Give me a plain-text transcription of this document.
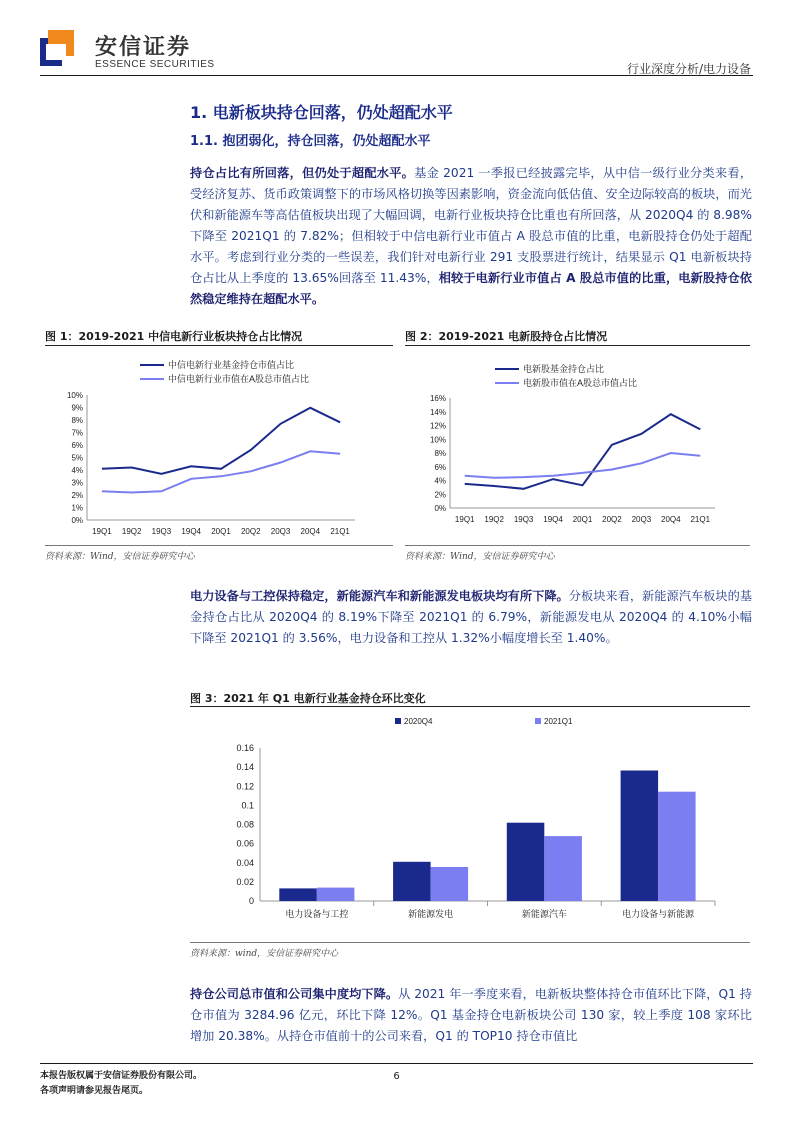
安信证券
ESSENCE SECURITIES	行业深度分析/电力设备
1. 电新板块持仓回落，仍处超配水平
1.1. 抱团弱化，持仓回落，仍处超配水平
持仓占比有所回落，但仍处于超配水平。基金 2021 一季报已经披露完毕，从中信一级行业分类来看，受经济复苏、货币政策调整下的市场风格切换等因素影响，资金流向低估值、安全边际较高的板块，而光伏和新能源车等高估值板块出现了大幅回调，电新行业板块持仓比重也有所回落，从 2020Q4 的 8.98%下降至 2021Q1 的 7.82%；但相较于中信电新行业市值占 A 股总市值的比重，电新股持仓仍处于超配水平。考虑到行业分类的一些误差，我们针对电新行业 291 支股票进行统计，结果显示 Q1 电新板块持仓占比从上季度的 13.65%回落至 11.43%，相较于电新行业市值占 A 股总市值的比重，电新股持仓依然稳定维持在超配水平。
图 1：2019-2021 中信电新行业板块持仓占比情况
0%
1%
2%
3%
4%
5%
6%
7%
8%
9%
10%
19Q1 19Q2 19Q3 19Q4 20Q1 20Q2 20Q3 20Q4 21Q1
中信电新行业基金持仓市值占比
中信电新行业市值在A股总市值占比
资料来源：Wind，安信证券研究中心
图 2：2019-2021 电新股持仓占比情况
0%
2%
4%
6%
8%
10%
12%
14%
16%
19Q1 19Q2 19Q3 19Q4 20Q1 20Q2 20Q3 20Q4 21Q1
电新股基金持仓占比
电新股市值在A股总市值占比
资料来源：Wind，安信证券研究中心
电力设备与工控保持稳定，新能源汽车和新能源发电板块均有所下降。分板块来看，新能源汽车板块的基金持仓占比从 2020Q4 的 8.19%下降至 2021Q1 的 6.79%，新能源发电从 2020Q4 的 4.10%小幅下降至 2021Q1 的 3.56%，电力设备和工控从 1.32%小幅度增长至 1.40%。
图 3：2021 年 Q1 电新行业基金持仓环比变化
0
0.02
0.04
0.06
0.08
0.1
0.12
0.14
0.16
电力设备与工控	新能源发电	新能源汽车	电力设备与新能源
2020Q4	2021Q1
资料来源：wind，安信证券研究中心
持仓公司总市值和公司集中度均下降。从 2021 年一季度来看，电新板块整体持仓市值环比下降，Q1 持仓市值为 3284.96 亿元，环比下降 12%。Q1 基金持仓电新板块公司 130 家，较上季度 108 家环比增加 20.38%。从持仓市值前十的公司来看，Q1 的 TOP10 持仓市值比
本报告版权属于安信证券股份有限公司。
各项声明请参见报告尾页。
6
